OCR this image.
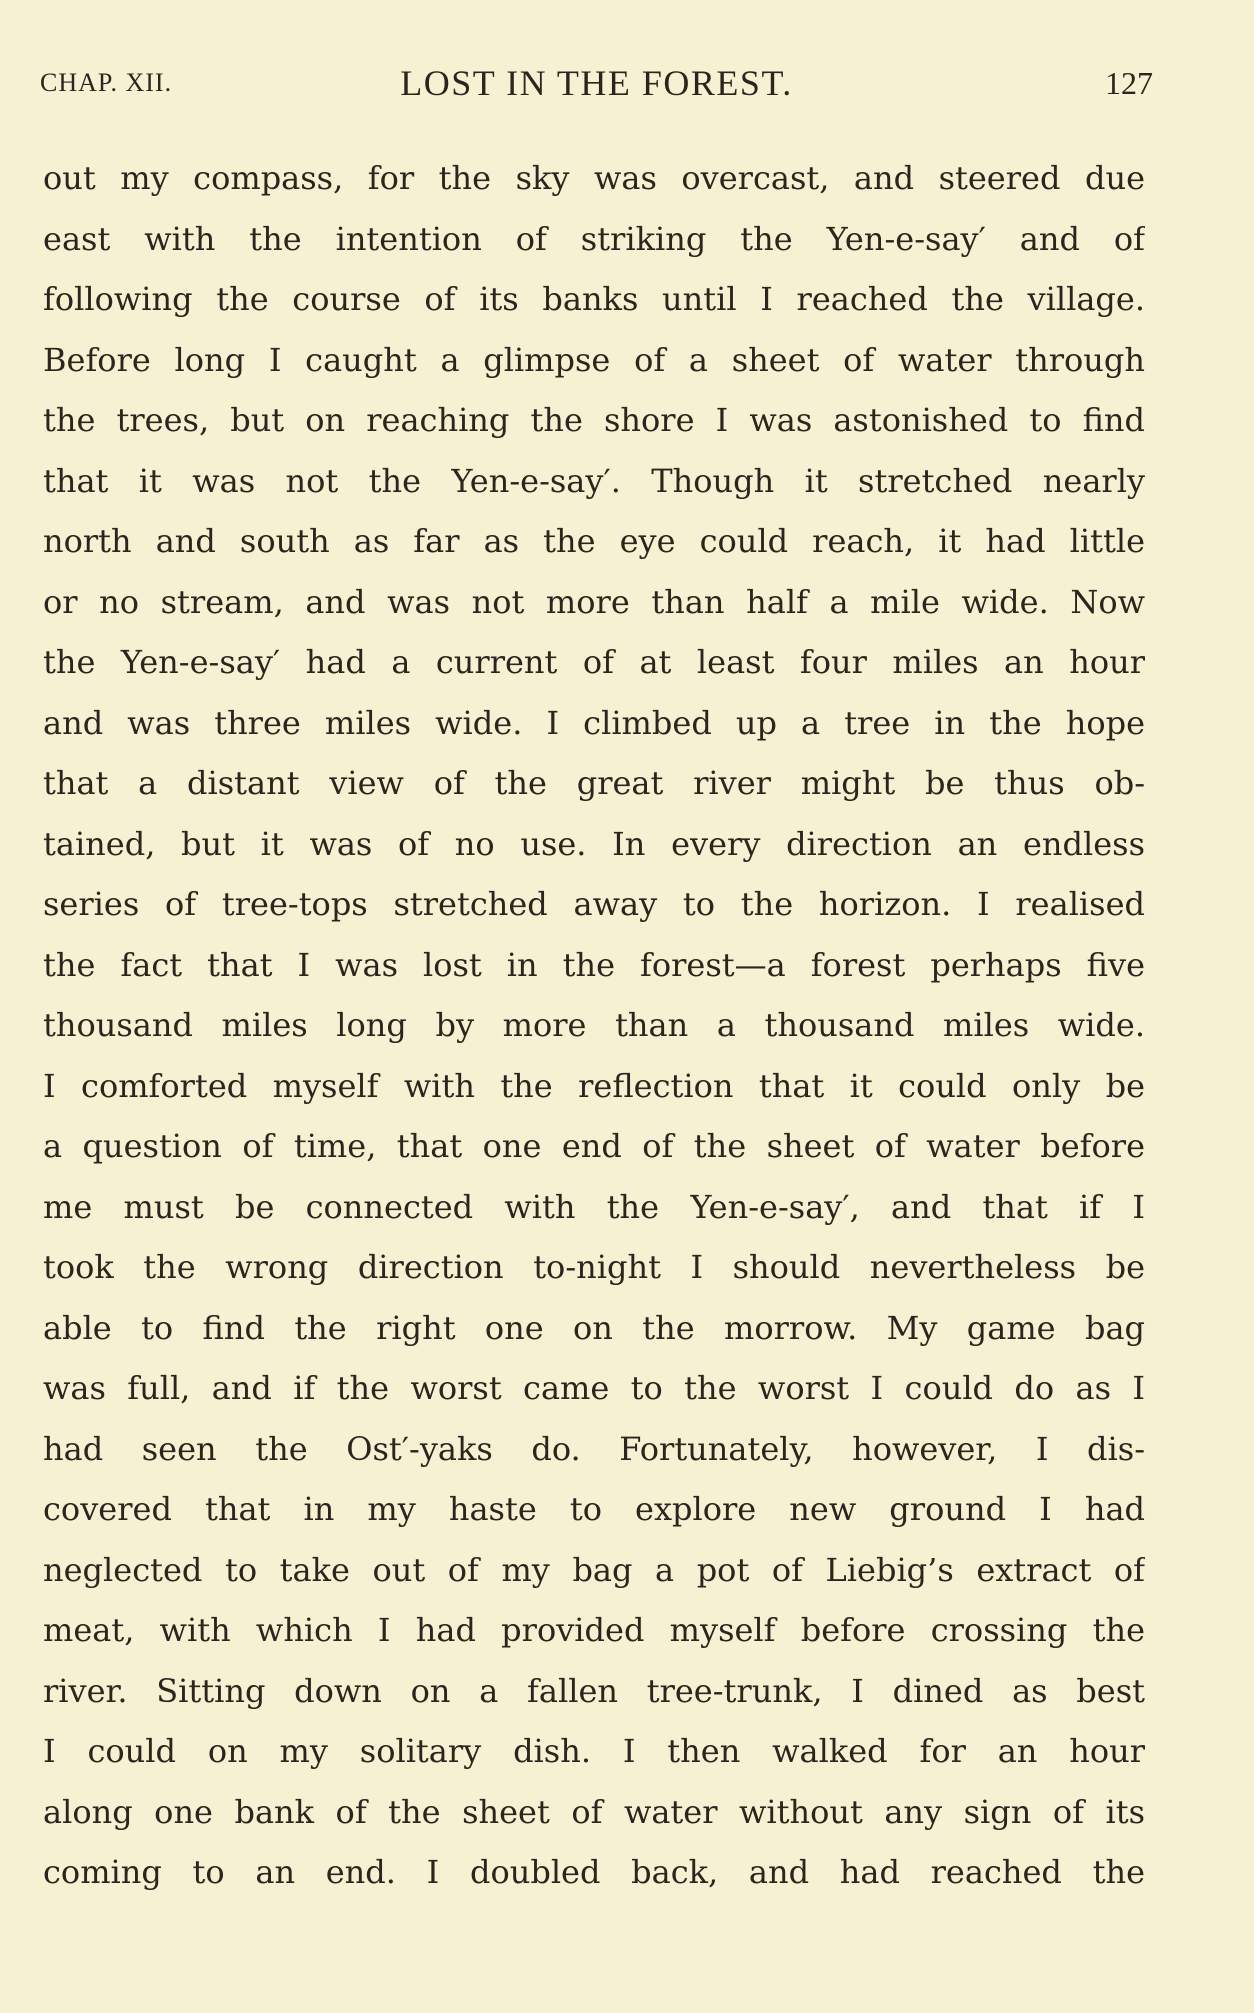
CHAP. XII.	LOST IN THE FOREST.	127
out my compass, for the sky was overcast, and steered due
east with the intention of striking the Yen-e-say′ and of
following the course of its banks until I reached the village.
Before long I caught a glimpse of a sheet of water through
the trees, but on reaching the shore I was astonished to find
that it was not the Yen-e-say′. Though it stretched nearly
north and south as far as the eye could reach, it had little
or no stream, and was not more than half a mile wide. Now
the Yen-e-say′ had a current of at least four miles an hour
and was three miles wide. I climbed up a tree in the hope
that a distant view of the great river might be thus ob-
tained, but it was of no use. In every direction an endless
series of tree-tops stretched away to the horizon. I realised
the fact that I was lost in the forest—a forest perhaps five
thousand miles long by more than a thousand miles wide.
I comforted myself with the reflection that it could only be
a question of time, that one end of the sheet of water before
me must be connected with the Yen-e-say′, and that if I
took the wrong direction to-night I should nevertheless be
able to find the right one on the morrow. My game bag
was full, and if the worst came to the worst I could do as I
had seen the Ost′-yaks do. Fortunately, however, I dis-
covered that in my haste to explore new ground I had
neglected to take out of my bag a pot of Liebig’s extract of
meat, with which I had provided myself before crossing the
river. Sitting down on a fallen tree-trunk, I dined as best
I could on my solitary dish. I then walked for an hour
along one bank of the sheet of water without any sign of its
coming to an end. I doubled back, and had reached the
